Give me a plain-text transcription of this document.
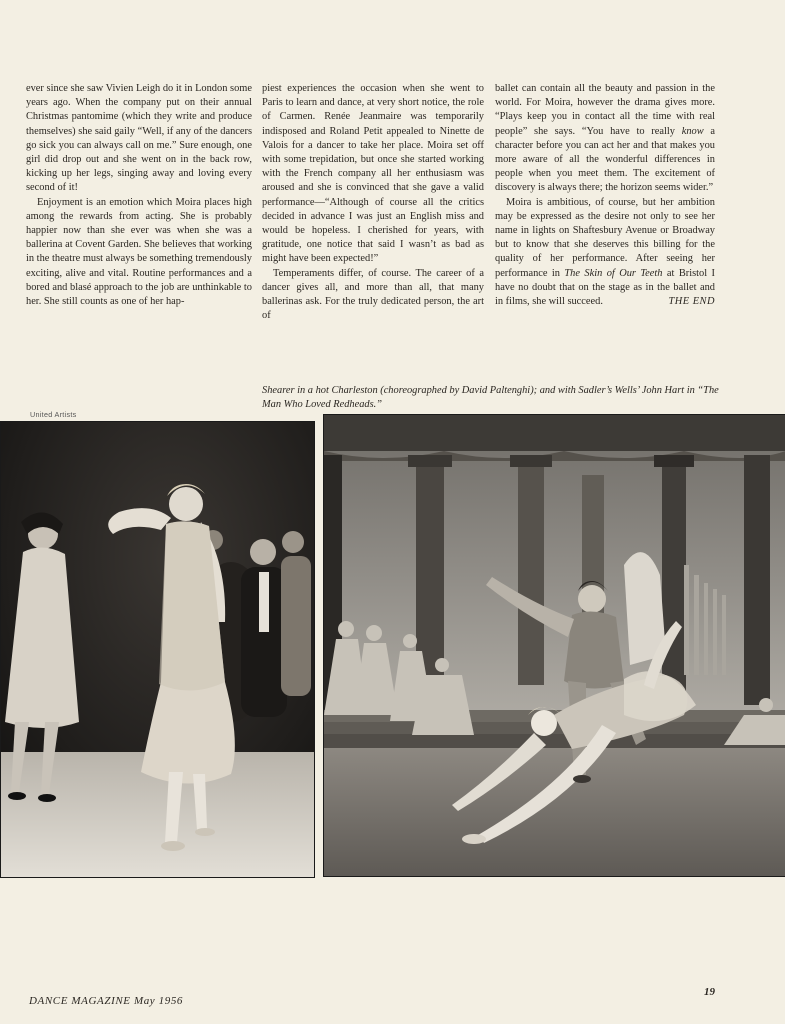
ever since she saw Vivien Leigh do it in London some years ago. When the company put on their annual Christmas pantomime (which they write and produce themselves) she said gaily “Well, if any of the dancers go sick you can always call on me.” Sure enough, one girl did drop out and she went on in the back row, kicking up her legs, singing away and loving every second of it!

Enjoyment is an emotion which Moira places high among the rewards from acting. She is probably happier now than she ever was when she was a ballerina at Covent Garden. She believes that working in the theatre must always be something tremendously exciting, alive and vital. Routine performances and a bored and blasé approach to the job are unthinkable to her. She still counts as one of her hap-

piest experiences the occasion when she went to Paris to learn and dance, at very short notice, the role of Carmen. Renée Jeanmaire was temporarily indisposed and Roland Petit appealed to Ninette de Valois for a dancer to take her place. Moira set off with some trepidation, but once she started working with the French company all her enthusiasm was aroused and she is convinced that she gave a valid performance—“Although of course all the critics decided in advance I was just an English miss and would be hopeless. I cherished for years, with gratitude, one notice that said I wasn’t as bad as might have been expected!”

Temperaments differ, of course. The career of a dancer gives all, and more than all, that many ballerinas ask. For the truly dedicated person, the art of

ballet can contain all the beauty and passion in the world. For Moira, however the drama gives more. “Plays keep you in contact all the time with real people” she says. “You have to really know a character before you can act her and that makes you more aware of all the wonderful differences in people when you meet them. The excitement of discovery is always there; the horizon seems wider.”

Moira is ambitious, of course, but her ambition may be expressed as the desire not only to see her name in lights on Shaftesbury Avenue or Broadway but to know that she deserves this billing for the quality of her performance. After seeing her performance in The Skin of Our Teeth at Bristol I have no doubt that on the stage as in the ballet and in films, she will succeed.	THE END

Shearer in a hot Charleston (choreographed by David Paltenghi); and with Sadler’s Wells’ John Hart in “The Man Who Loved Redheads.”
United Artists
DANCE MAGAZINE May 1956
19
